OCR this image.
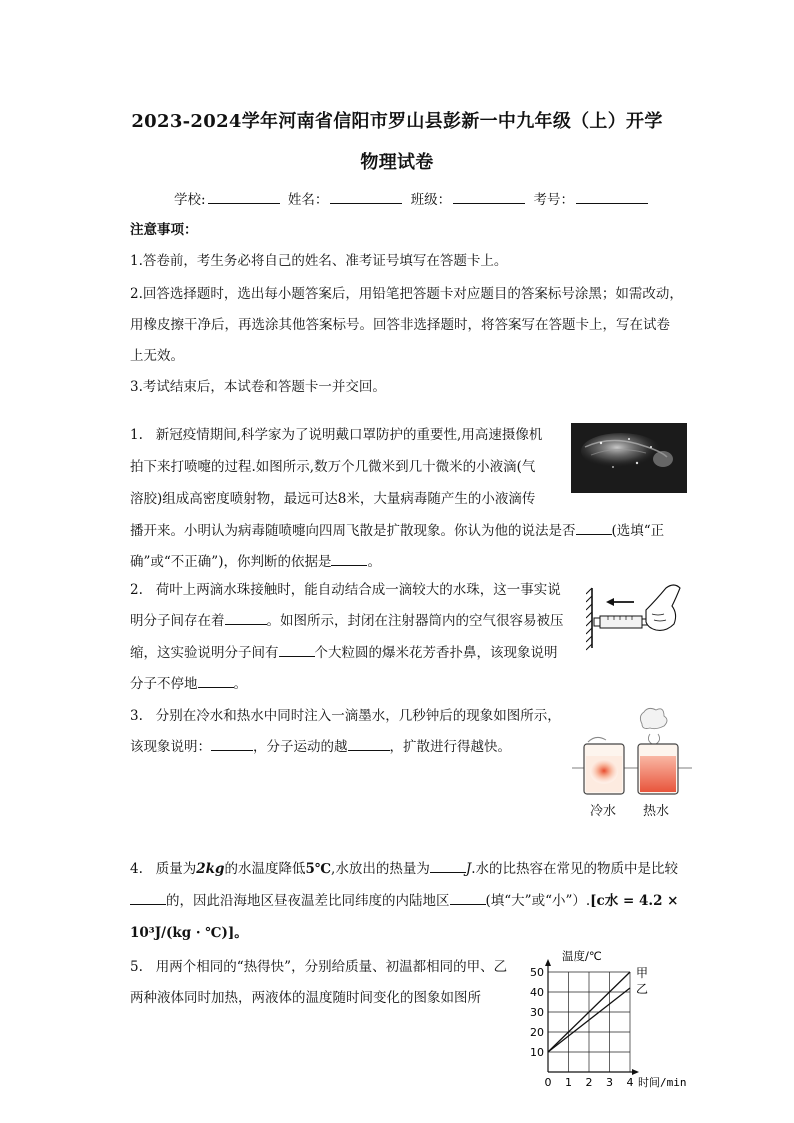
2023-2024学年河南省信阳市罗山县彭新一中九年级（上）开学
物理试卷
学校:	姓名：	班级：	考号：
注意事项：
1.答卷前，考生务必将自己的姓名、准考证号填写在答题卡上。
2.回答选择题时，选出每小题答案后，用铅笔把答题卡对应题目的答案标号涂黑；如需改动，
用橡皮擦干净后，再选涂其他答案标号。回答非选择题时，将答案写在答题卡上，写在试卷
上无效。
3.考试结束后，本试卷和答题卡一并交回。
1. 新冠疫情期间,科学家为了说明戴口罩防护的重要性,用高速摄像机
拍下来打喷嚏的过程.如图所示,数万个几微米到几十微米的小液滴(气
溶胶)组成高密度喷射物，最远可达8米，大量病毒随产生的小液滴传
播开来。小明认为病毒随喷嚏向四周飞散是扩散现象。你认为他的说法是否	(选填“正
确”或“不正确”)，你判断的依据是	。
2. 荷叶上两滴水珠接触时，能自动结合成一滴较大的水珠，这一事实说
明分子间存在着	。如图所示，封闭在注射器筒内的空气很容易被压
缩，这实验说明分子间有	个大粒圆的爆米花芳香扑鼻，该现象说明
分子不停地	。
3. 分别在冷水和热水中同时注入一滴墨水，几秒钟后的现象如图所示，
该现象说明：	，分子运动的越	，扩散进行得越快。
冷水 热水
4. 质量为2kg的水温度降低5℃,水放出的热量为	J.水的比热容在常见的物质中是比较
的，因此沿海地区昼夜温差比同纬度的内陆地区	(填“大”或“小”）.[c水 = 4.2 ×
10³J/(kg · ℃)]。
5. 用两个相同的“热得快”，分别给质量、初温都相同的甲、乙
两种液体同时加热，两液体的温度随时间变化的图象如图所
0 1 2 3 4
10
20
30
40
50
温度/℃
时间/min
甲
乙
